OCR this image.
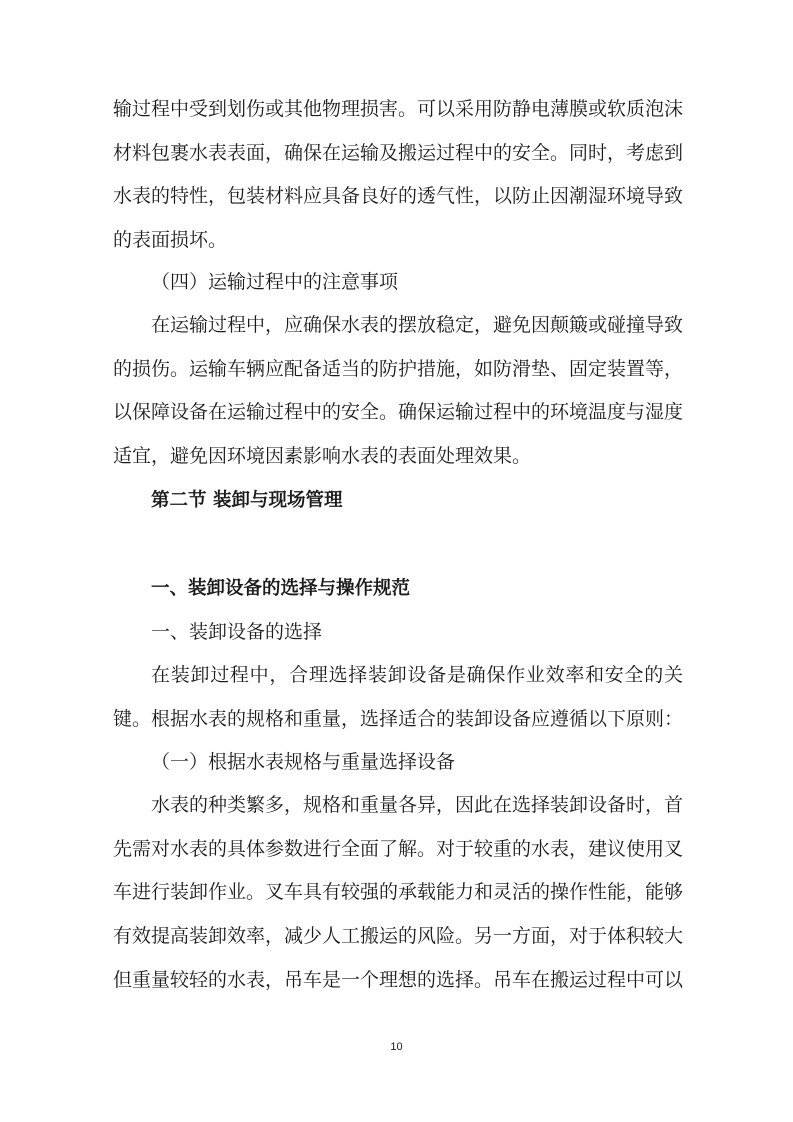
输过程中受到划伤或其他物理损害。可以采用防静电薄膜或软质泡沫材料包裹水表表面，确保在运输及搬运过程中的安全。同时，考虑到水表的特性，包装材料应具备良好的透气性，以防止因潮湿环境导致的表面损坏。

（四）运输过程中的注意事项

在运输过程中，应确保水表的摆放稳定，避免因颠簸或碰撞导致的损伤。运输车辆应配备适当的防护措施，如防滑垫、固定装置等，以保障设备在运输过程中的安全。确保运输过程中的环境温度与湿度适宜，避免因环境因素影响水表的表面处理效果。

第二节 装卸与现场管理
一、装卸设备的选择与操作规范
一、装卸设备的选择

在装卸过程中，合理选择装卸设备是确保作业效率和安全的关键。根据水表的规格和重量，选择适合的装卸设备应遵循以下原则：

（一）根据水表规格与重量选择设备

水表的种类繁多，规格和重量各异，因此在选择装卸设备时，首先需对水表的具体参数进行全面了解。对于较重的水表，建议使用叉车进行装卸作业。叉车具有较强的承载能力和灵活的操作性能，能够有效提高装卸效率，减少人工搬运的风险。另一方面，对于体积较大但重量较轻的水表，吊车是一个理想的选择。吊车在搬运过程中可以

10
